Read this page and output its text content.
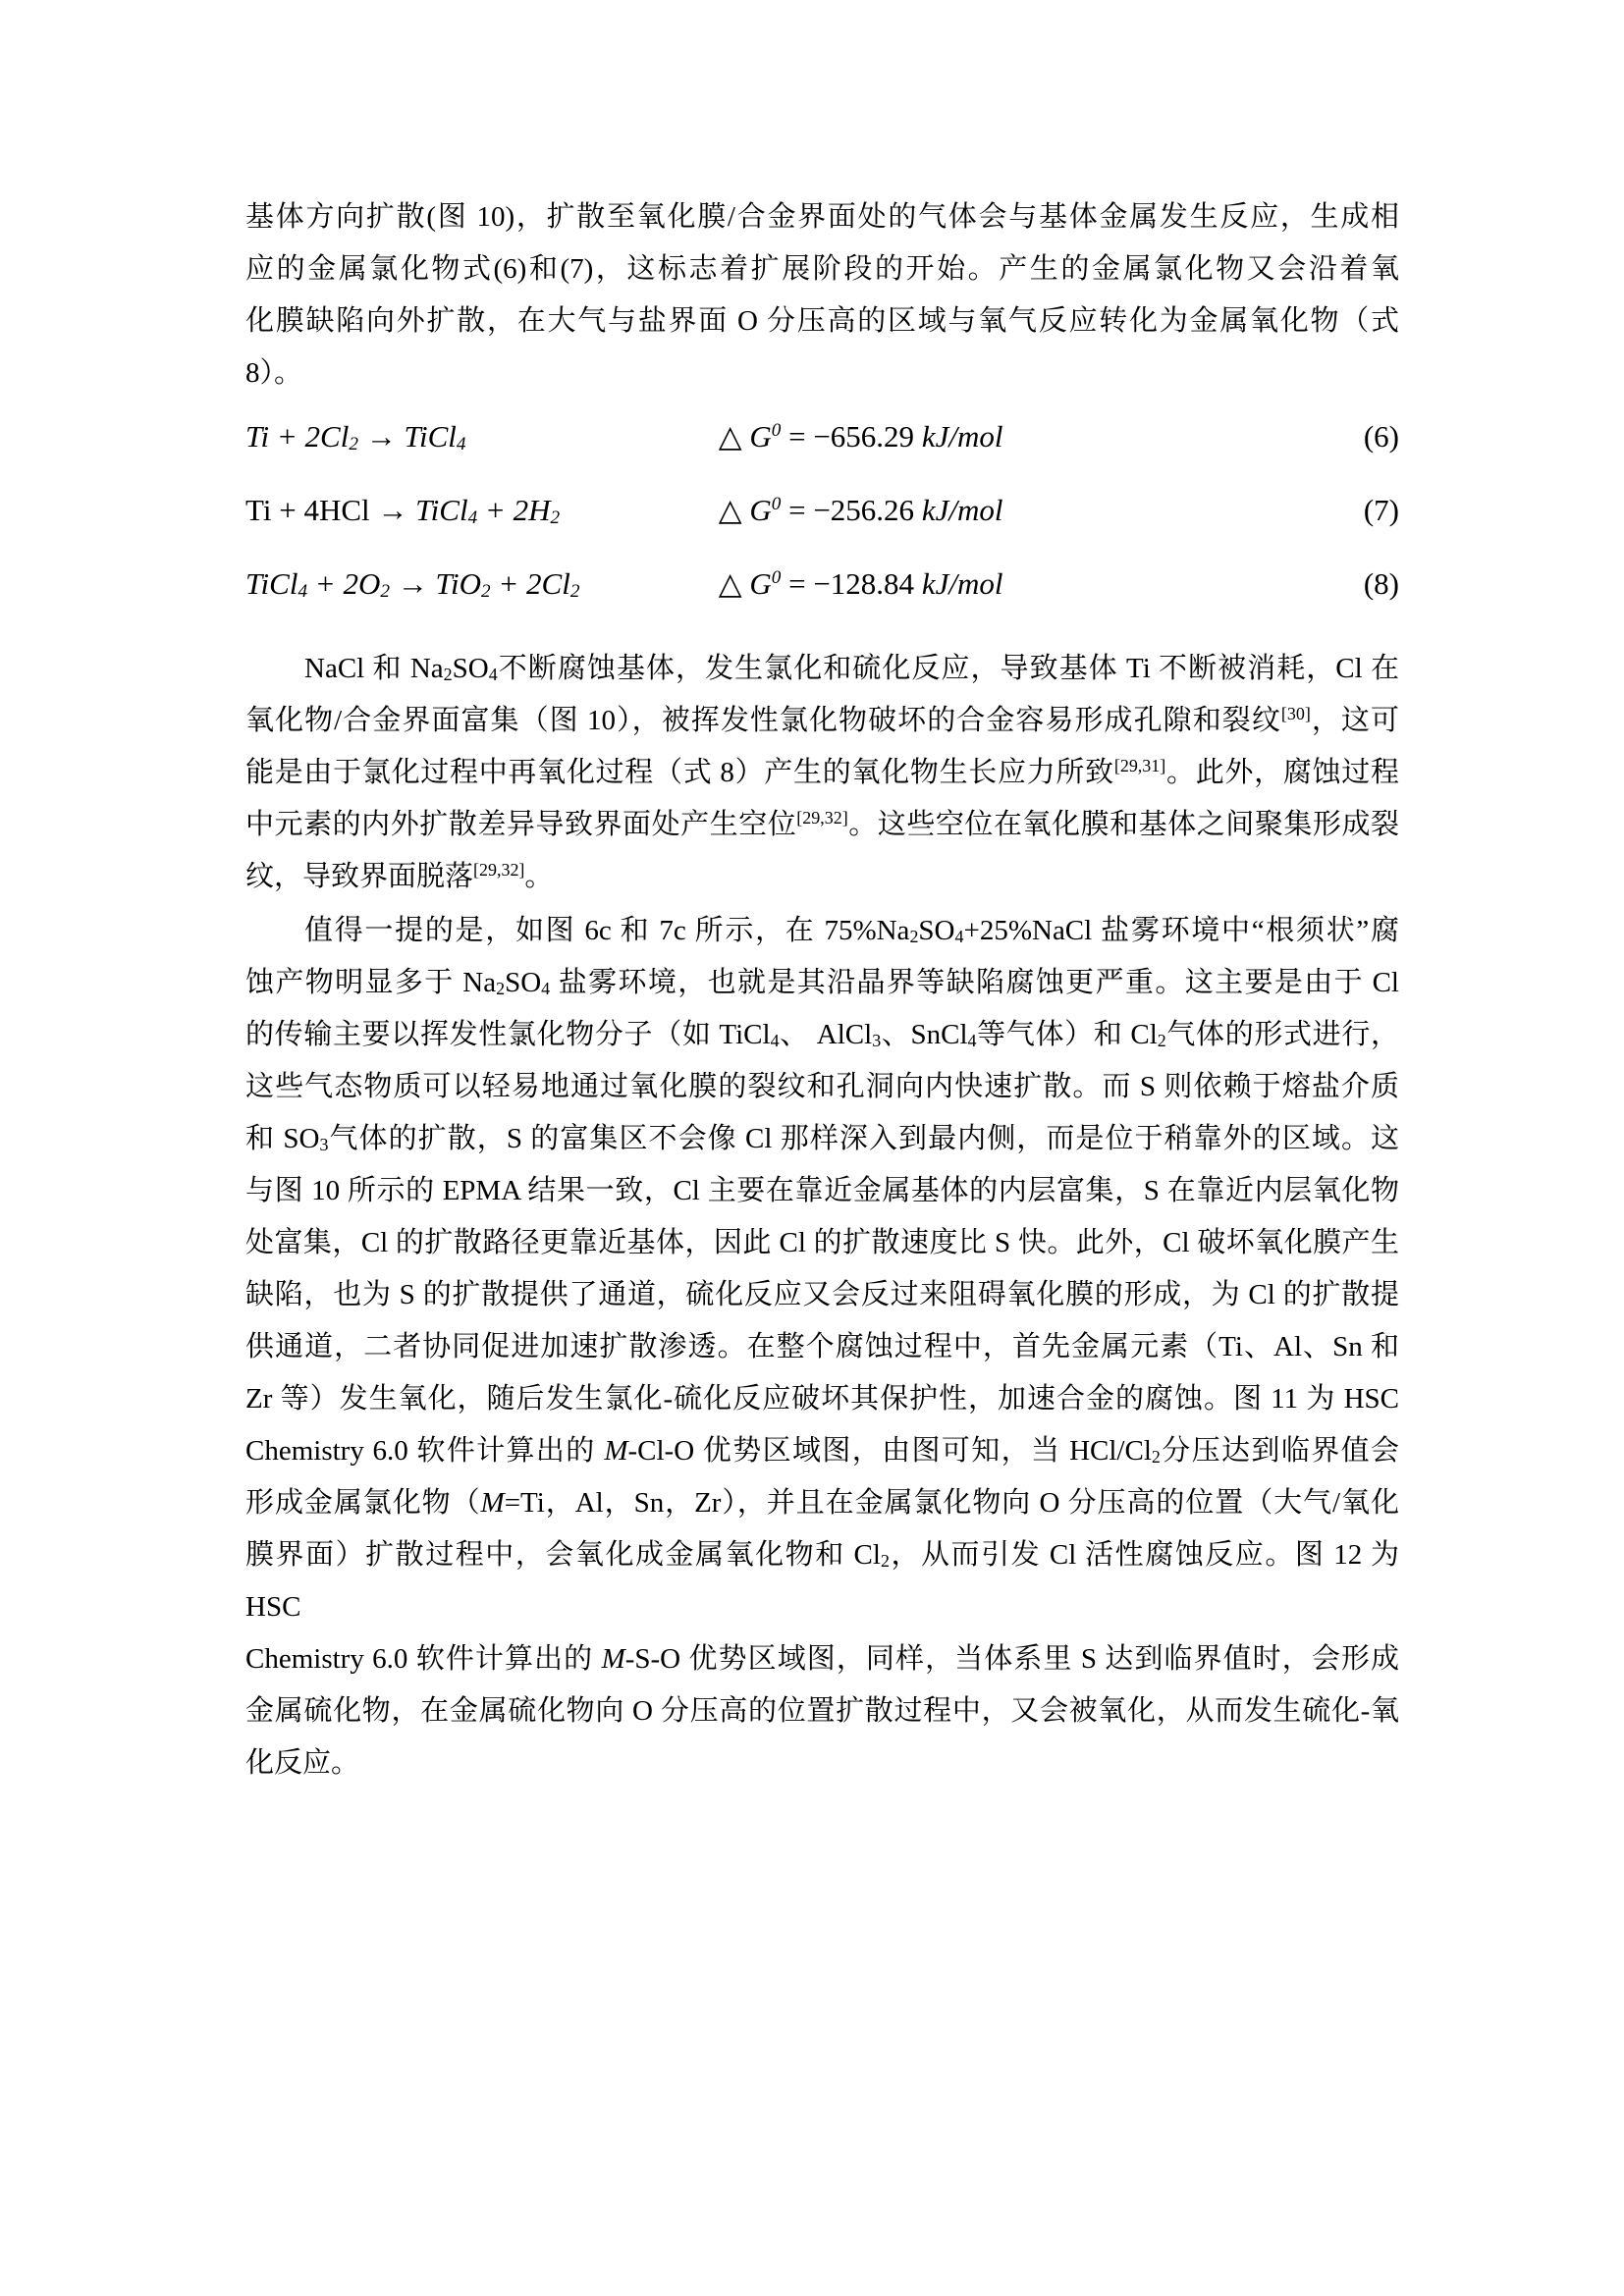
基体方向扩散(图 10)，扩散至氧化膜/合金界面处的气体会与基体金属发生反应，生成相
应的金属氯化物式(6)和(7)，这标志着扩展阶段的开始。产生的金属氯化物又会沿着氧
化膜缺陷向外扩散，在大气与盐界面 O 分压高的区域与氧气反应转化为金属氧化物（式
8）。
$Ti + 2Cl_2$ → TiCl$_4$	△ $G^0 = -656.29$ kJ/mol	(6)
Ti + 4HCl → TiCl$_4$ + $2H_2$	△ $G^0 = -256.26$ kJ/mol	(7)
TiCl$_4$ + $2O_2 \to TiO_2 + 2Cl_2$	△ $G^0 = -128.84$ kJ/mol	(8)
NaCl 和 $Na_2SO_4$不断腐蚀基体，发生氯化和硫化反应，导致基体 Ti 不断被消耗，Cl 在
氧化物/合金界面富集（图 10），被挥发性氯化物破坏的合金容易形成孔隙和裂纹[30]，这可
能是由于氯化过程中再氧化过程（式 8）产生的氧化物生长应力所致[29,31]。此外，腐蚀过程
中元素的内外扩散差异导致界面处产生空位[29,32]。这些空位在氧化膜和基体之间聚集形成裂
纹，导致界面脱落[29,32]。
值得一提的是，如图 6c 和 7c 所示，在 $75\%Na_2SO_4+25\%NaCl$ 盐雾环境中“根须状”腐
蚀产物明显多于 $Na_2SO_4$ 盐雾环境，也就是其沿晶界等缺陷腐蚀更严重。这主要是由于 Cl
的传输主要以挥发性氯化物分子（如 TiCl$_4$、 AlCl$_3$、SnCl$_4$等气体）和 $Cl_2$气体的形式进行，
这些气态物质可以轻易地通过氧化膜的裂纹和孔洞向内快速扩散。而 S 则依赖于熔盐介质
和 $SO_3$气体的扩散，S 的富集区不会像 Cl 那样深入到最内侧，而是位于稍靠外的区域。这
与图 10 所示的 EPMA 结果一致，Cl 主要在靠近金属基体的内层富集，S 在靠近内层氧化物
处富集，Cl 的扩散路径更靠近基体，因此 Cl 的扩散速度比 S 快。此外，Cl 破坏氧化膜产生
缺陷，也为 S 的扩散提供了通道，硫化反应又会反过来阻碍氧化膜的形成，为 Cl 的扩散提
供通道，二者协同促进加速扩散渗透。在整个腐蚀过程中，首先金属元素（Ti、Al、Sn 和
Zr 等）发生氧化，随后发生氯化-硫化反应破坏其保护性，加速合金的腐蚀。图 11 为 HSC
Chemistry 6.0 软件计算出的 M-Cl-O 优势区域图，由图可知，当 HCl/$Cl_2$分压达到临界值会
形成金属氯化物（M=Ti，Al，Sn，Zr），并且在金属氯化物向 O 分压高的位置（大气/氧化
膜界面）扩散过程中，会氧化成金属氧化物和 $Cl_2$，从而引发 Cl 活性腐蚀反应。图 12 为 HSC
Chemistry 6.0 软件计算出的 M-S-O 优势区域图，同样，当体系里 S 达到临界值时，会形成
金属硫化物，在金属硫化物向 O 分压高的位置扩散过程中，又会被氧化，从而发生硫化-氧
化反应。
